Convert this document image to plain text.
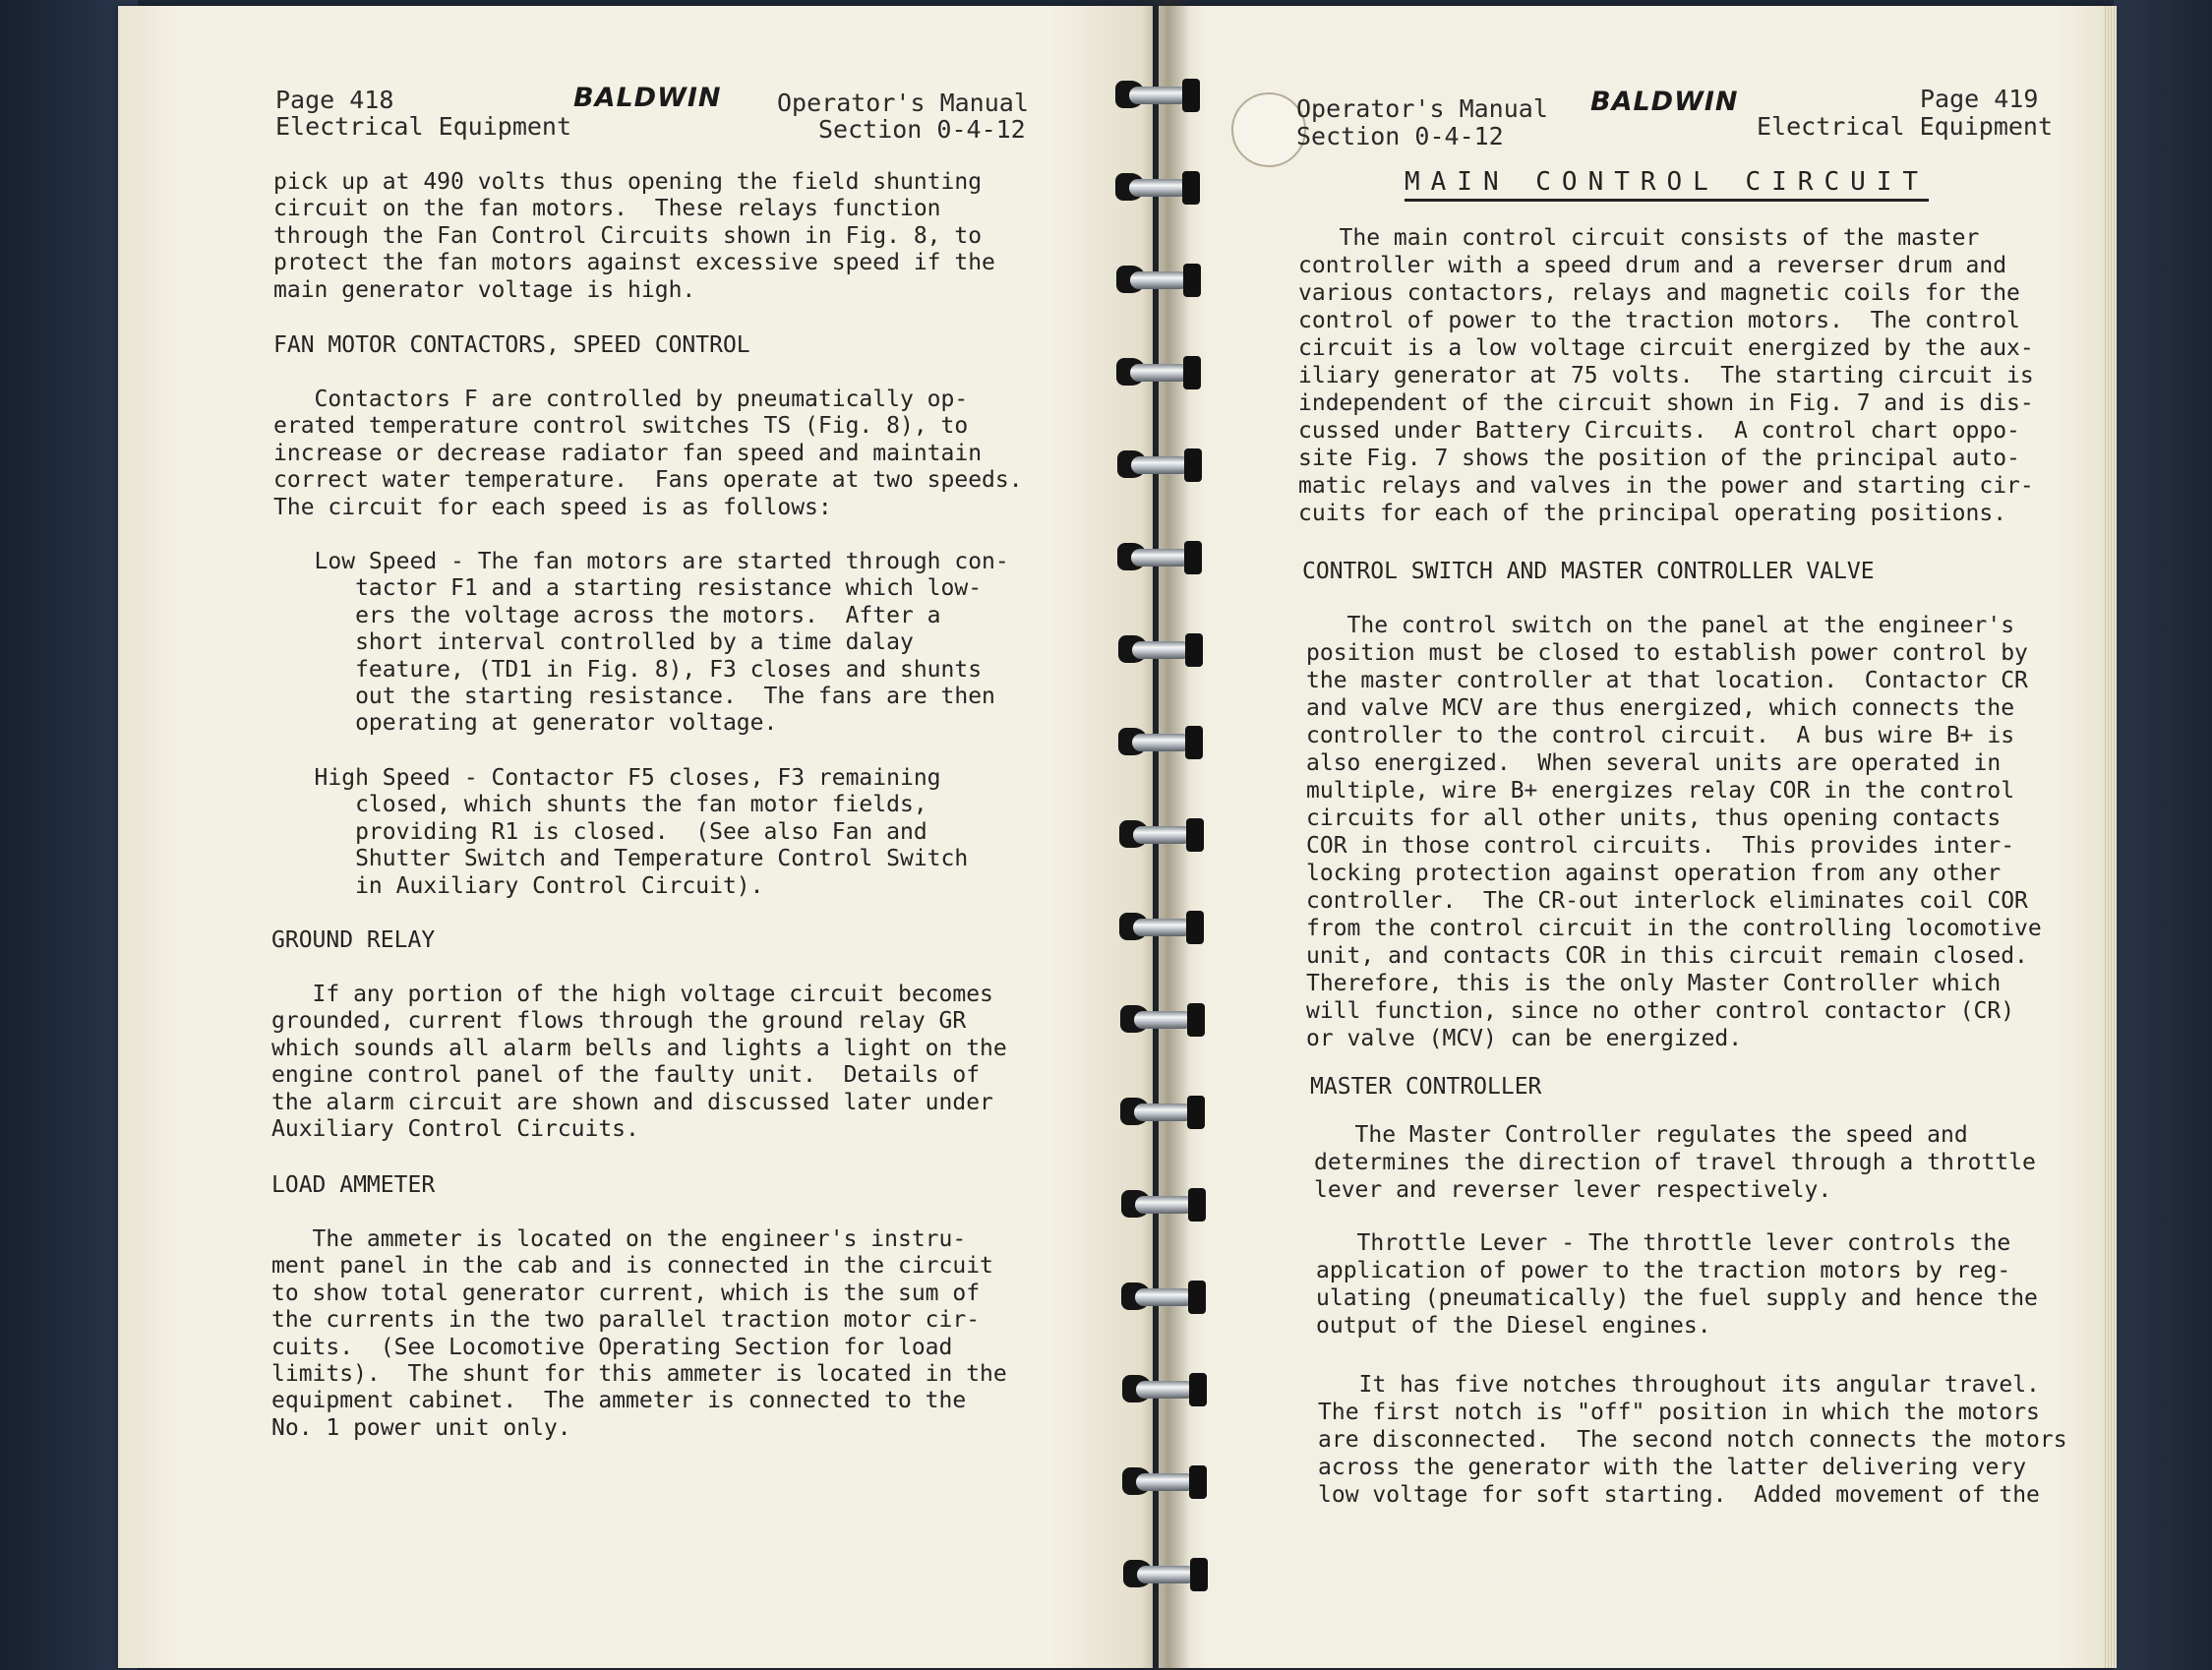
Page 418
Electrical Equipment
BALDWIN Operator's Manual
Section 0-4-12
pick up at 490 volts thus opening the field shunting
circuit on the fan motors.  These relays function
through the Fan Control Circuits shown in Fig. 8, to
protect the fan motors against excessive speed if the
main generator voltage is high.
FAN MOTOR CONTACTORS, SPEED CONTROL
Contactors F are controlled by pneumatically op-
erated temperature control switches TS (Fig. 8), to
increase or decrease radiator fan speed and maintain
correct water temperature.  Fans operate at two speeds.
The circuit for each speed is as follows:
Low Speed - The fan motors are started through con-
tactor F1 and a starting resistance which low-
ers the voltage across the motors.  After a
short interval controlled by a time dalay
feature, (TD1 in Fig. 8), F3 closes and shunts
out the starting resistance.  The fans are then
operating at generator voltage.
High Speed - Contactor F5 closes, F3 remaining
closed, which shunts the fan motor fields,
providing R1 is closed.  (See also Fan and
Shutter Switch and Temperature Control Switch
in Auxiliary Control Circuit).
GROUND RELAY
If any portion of the high voltage circuit becomes
grounded, current flows through the ground relay GR
which sounds all alarm bells and lights a light on the
engine control panel of the faulty unit.  Details of
the alarm circuit are shown and discussed later under
Auxiliary Control Circuits.
LOAD AMMETER
The ammeter is located on the engineer's instru-
ment panel in the cab and is connected in the circuit
to show total generator current, which is the sum of
the currents in the two parallel traction motor cir-
cuits.  (See Locomotive Operating Section for load
limits).  The shunt for this ammeter is located in the
equipment cabinet.  The ammeter is connected to the
No. 1 power unit only.
Operator's Manual
Section 0-4-12
BALDWIN	Page 419
Electrical Equipment
MAIN CONTROL CIRCUIT
The main control circuit consists of the master
controller with a speed drum and a reverser drum and
various contactors, relays and magnetic coils for the
control of power to the traction motors.  The control
circuit is a low voltage circuit energized by the aux-
iliary generator at 75 volts.  The starting circuit is
independent of the circuit shown in Fig. 7 and is dis-
cussed under Battery Circuits.  A control chart oppo-
site Fig. 7 shows the position of the principal auto-
matic relays and valves in the power and starting cir-
cuits for each of the principal operating positions.
CONTROL SWITCH AND MASTER CONTROLLER VALVE
The control switch on the panel at the engineer's
position must be closed to establish power control by
the master controller at that location.  Contactor CR
and valve MCV are thus energized, which connects the
controller to the control circuit.  A bus wire B+ is
also energized.  When several units are operated in
multiple, wire B+ energizes relay COR in the control
circuits for all other units, thus opening contacts
COR in those control circuits.  This provides inter-
locking protection against operation from any other
controller.  The CR-out interlock eliminates coil COR
from the control circuit in the controlling locomotive
unit, and contacts COR in this circuit remain closed.
Therefore, this is the only Master Controller which
will function, since no other control contactor (CR)
or valve (MCV) can be energized.
MASTER CONTROLLER
The Master Controller regulates the speed and
determines the direction of travel through a throttle
lever and reverser lever respectively.
Throttle Lever - The throttle lever controls the
application of power to the traction motors by reg-
ulating (pneumatically) the fuel supply and hence the
output of the Diesel engines.
It has five notches throughout its angular travel.
The first notch is "off" position in which the motors
are disconnected.  The second notch connects the motors
across the generator with the latter delivering very
low voltage for soft starting.  Added movement of the
